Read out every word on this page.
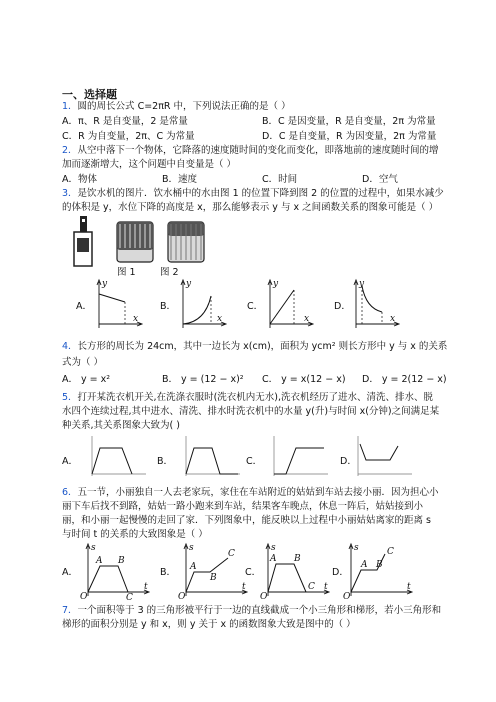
一、选择题
1．圆的周长公式 C=2πR 中，下列说法正确的是（ ）
A．π、R 是自变量，2 是常量	B．C 是因变量，R 是自变量，2π 为常量
C．R 为自变量，2π、C 为常量	D．C 是自变量，R 为因变量，2π 为常量
2．从空中落下一个物体，它降落的速度随时间的变化而变化，即落地前的速度随时间的增
加而逐渐增大，这个问题中自变量是（ ）
A．物体	B．速度	C．时间	D．空气
3．是饮水机的图片．饮水桶中的水由图 1 的位置下降到图 2 的位置的过程中，如果水减少
的体积是 y，水位下降的高度是 x，那么能够表示 y 与 x 之间函数关系的图象可能是（ ）
图 1	图 2
A．
y
x
B．
y
x
C．
y
x
D．
y
x
4．长方形的周长为 24cm，其中一边长为 x(cm)，面积为 ycm² 则长方形中 y 与 x 的关系
式为（ ）
A． y = x²	B． y = (12 − x)² C． y = x(12 − x) D． y = 2(12 − x)
5．打开某洗衣机开关,在洗涤衣服时(洗衣机内无水),洗衣机经历了进水、清洗、排水、脱
水四个连续过程,其中进水、清洗、排水时洗衣机中的水量 y(升)与时间 x(分钟)之间满足某
种关系,其关系图象大致为( )
A．	B．	C．	D．
6．五一节，小丽独自一人去老家玩，家住在车站附近的姑姑到车站去接小丽．因为担心小
丽下车后找不到路，姑姑一路小跑来到车站，结果客车晚点，休息一阵后，姑姑接到小
丽，和小丽一起慢慢的走回了家．下列图象中，能反映以上过程中小丽姑姑离家的距离 s
与时间 t 的关系的大致图象是（ ）
A．
s
t
O
A B
C
B．
s
t
O
A
B
C
C．
s
t
O
A B
C
D．
s
t
O
A B
C
7．一个面积等于 3 的三角形被平行于一边的直线截成一个小三角形和梯形，若小三角形和
梯形的面积分别是 y 和 x，则 y 关于 x 的函数图象大致是图中的（ ）
